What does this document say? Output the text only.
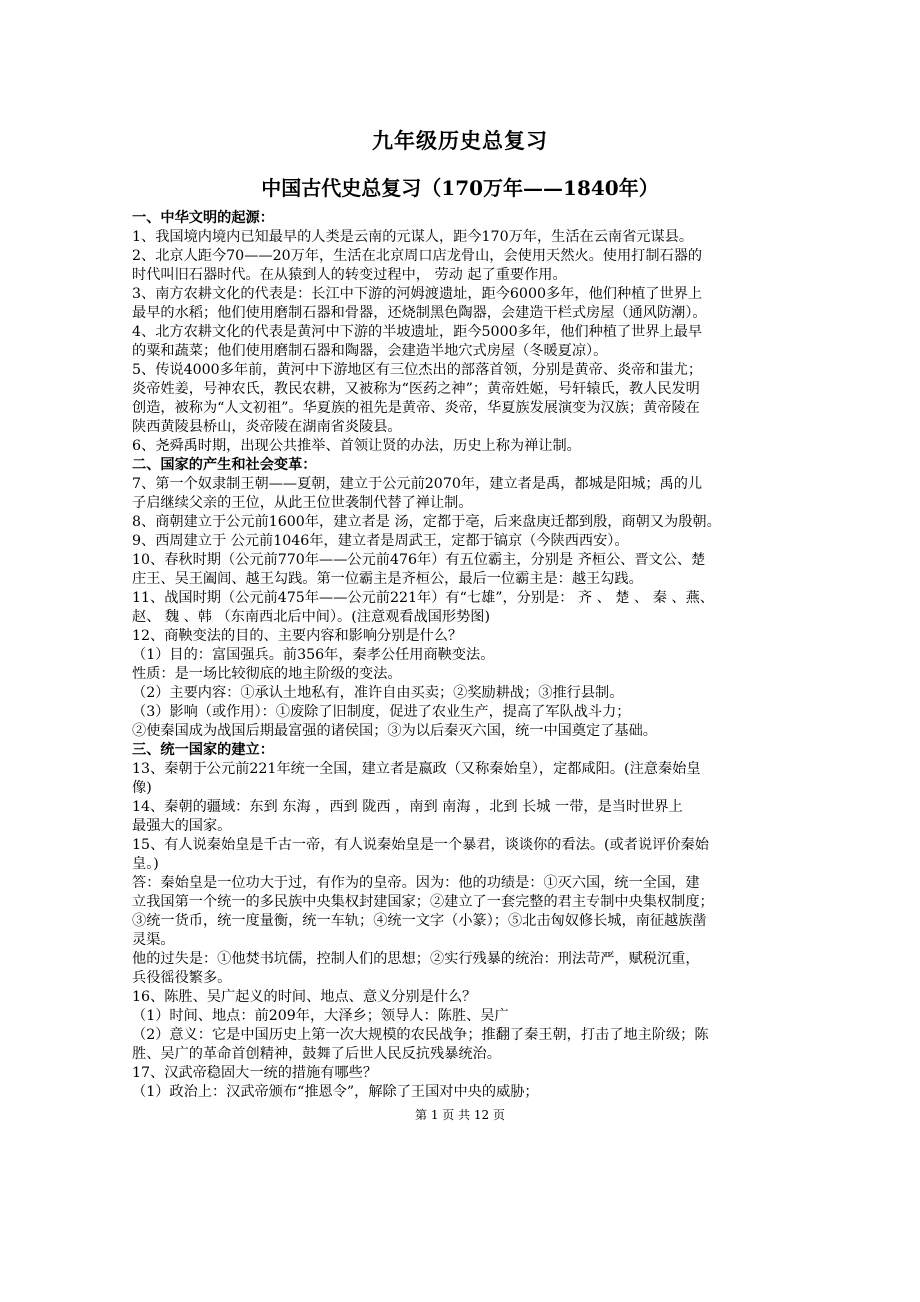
九年级历史总复习
中国古代史总复习（170万年——1840年）
一、中华文明的起源：
1、我国境内境内已知最早的人类是云南的元谋人，距今170万年，生活在云南省元谋县。
2、北京人距今70——20万年，生活在北京周口店龙骨山，会使用天然火。使用打制石器的
时代叫旧石器时代。在从猿到人的转变过程中， 劳动 起了重要作用。
3、南方农耕文化的代表是：长江中下游的河姆渡遗址，距今6000多年，他们种植了世界上
最早的水稻；他们使用磨制石器和骨器，还烧制黑色陶器，会建造干栏式房屋（通风防潮）。
4、北方农耕文化的代表是黄河中下游的半坡遗址，距今5000多年，他们种植了世界上最早
的粟和蔬菜；他们使用磨制石器和陶器，会建造半地穴式房屋（冬暖夏凉）。
5、传说4000多年前，黄河中下游地区有三位杰出的部落首领，分别是黄帝、炎帝和蚩尤；
炎帝姓姜，号神农氏，教民农耕，又被称为“医药之神”；黄帝姓姬，号轩辕氏，教人民发明
创造，被称为“人文初祖”。华夏族的祖先是黄帝、炎帝，华夏族发展演变为汉族；黄帝陵在
陕西黄陵县桥山，炎帝陵在湖南省炎陵县。
6、尧舜禹时期，出现公共推举、首领让贤的办法，历史上称为禅让制。
二、国家的产生和社会变革：
7、第一个奴隶制王朝——夏朝，建立于公元前2070年，建立者是禹，都城是阳城；禹的儿
子启继续父亲的王位，从此王位世袭制代替了禅让制。
8、商朝建立于公元前1600年，建立者是 汤，定都于亳，后来盘庚迁都到殷，商朝又为殷朝。
9、西周建立于 公元前1046年，建立者是周武王，定都于镐京（今陕西西安）。
10、春秋时期（公元前770年——公元前476年）有五位霸主，分别是 齐桓公、晋文公、楚
庄王、吴王阖闾、越王勾践。第一位霸主是齐桓公，最后一位霸主是：越王勾践。
11、战国时期（公元前475年——公元前221年）有“七雄”，分别是： 齐 、 楚 、 秦 、燕、
赵、 魏 、韩 （东南西北后中间）。(注意观看战国形势图)
12、商鞅变法的目的、主要内容和影响分别是什么？
（1）目的：富国强兵。前356年，秦孝公任用商鞅变法。
性质：是一场比较彻底的地主阶级的变法。
（2）主要内容：①承认土地私有，准许自由买卖；②奖励耕战；③推行县制。
（3）影响（或作用）：①废除了旧制度，促进了农业生产，提高了军队战斗力；
②使秦国成为战国后期最富强的诸侯国；③为以后秦灭六国，统一中国奠定了基础。
三、统一国家的建立：
13、秦朝于公元前221年统一全国，建立者是嬴政（又称秦始皇），定都咸阳。(注意秦始皇
像)
14、秦朝的疆域：东到 东海 ，西到 陇西 ，南到 南海 ，北到 长城 一带，是当时世界上
最强大的国家。
15、有人说秦始皇是千古一帝，有人说秦始皇是一个暴君，谈谈你的看法。(或者说评价秦始
皇。)
答：秦始皇是一位功大于过，有作为的皇帝。因为：他的功绩是：①灭六国，统一全国，建
立我国第一个统一的多民族中央集权封建国家；②建立了一套完整的君主专制中央集权制度；
③统一货币，统一度量衡，统一车轨；④统一文字（小篆）；⑤北击匈奴修长城，南征越族凿
灵渠。
他的过失是：①他焚书坑儒，控制人们的思想；②实行残暴的统治：刑法苛严，赋税沉重，
兵役徭役繁多。
16、陈胜、吴广起义的时间、地点、意义分别是什么？
（1）时间、地点：前209年，大泽乡；领导人：陈胜、吴广
（2）意义：它是中国历史上第一次大规模的农民战争；推翻了秦王朝，打击了地主阶级；陈
胜、吴广的革命首创精神，鼓舞了后世人民反抗残暴统治。
17、汉武帝稳固大一统的措施有哪些？
（1）政治上：汉武帝颁布“推恩令”，解除了王国对中央的威胁；
第 1 页 共 12 页
